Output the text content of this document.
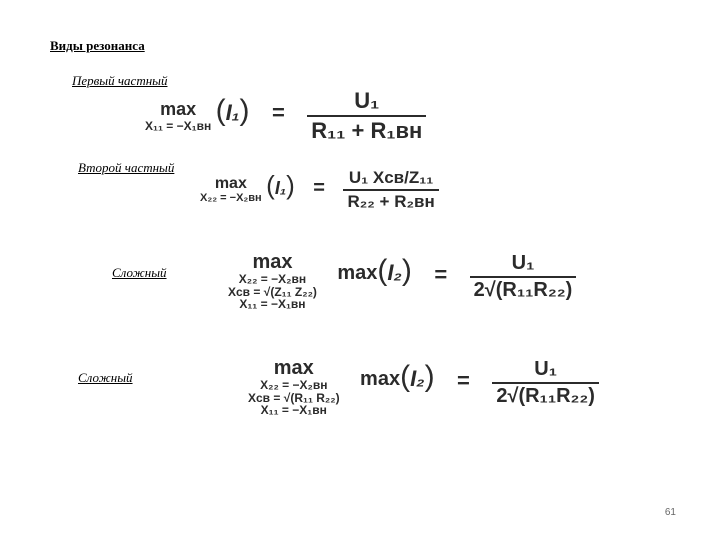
Виды резонанса
Первый частный
max
X₁₁ = −X₁вн $(I_1) = \frac{\text{U₁}}{\text{R₁₁ + R₁вн}}$
Второй частный
max
X₂₂ = −X₂вн $(I_1) = \frac{\text{U₁ Xсв/Z₁₁}}{\text{R₂₂ + R₂вн}}$
Сложный	max
X₂₂ = −X₂вн
Xсв = √(Z₁₁ Z₂₂)
X₁₁ = −X₁вн
$\max(I_2) = \frac{\text{U₁}}{\text{2√(R₁₁R₂₂)}}$
Сложный	max
X₂₂ = −X₂вн
Xсв = √(R₁₁ R₂₂)
X₁₁ = −X₁вн
$\max(I_2) = \frac{\text{U₁}}{\text{2√(R₁₁R₂₂)}}$
61
